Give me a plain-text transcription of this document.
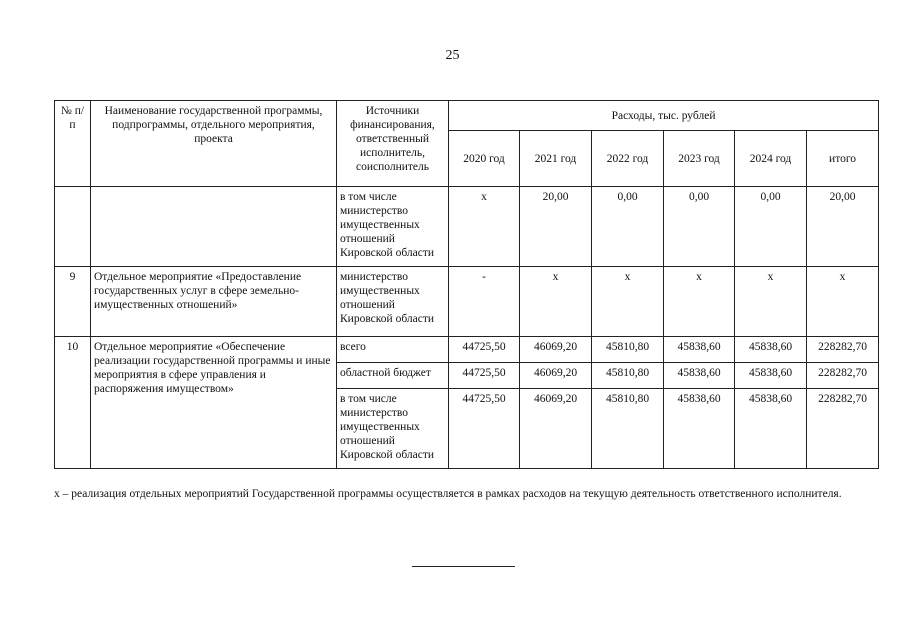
25
№ п/п	Наименование государственной программы, подпрограммы, отдельного мероприятия, проекта	Источники финансирования, ответственный исполнитель, соисполнитель	Расходы, тыс. рублей					
			2020 год	2021 год	2022 год	2023 год	2024 год	итого
		в том числе министерство имущественных отношений Кировской области	х	20,00	0,00	0,00	0,00	20,00
9	Отдельное мероприятие «Предоставление государственных услуг в сфере земельно-имущественных отношений»	министерство имущественных отношений Кировской области	-	х	х	х	х	х
10	Отдельное мероприятие «Обеспечение реализации государственной программы и иные мероприятия в сфере управления и распоряжения имуществом»	всего	44725,50	46069,20	45810,80	45838,60	45838,60	228282,70
		областной бюджет	44725,50	46069,20	45810,80	45838,60	45838,60	228282,70
		в том числе министерство имущественных отношений Кировской области	44725,50	46069,20	45810,80	45838,60	45838,60	228282,70
х – реализация отдельных мероприятий Государственной программы осуществляется в рамках расходов на текущую деятельность ответственного исполнителя.
